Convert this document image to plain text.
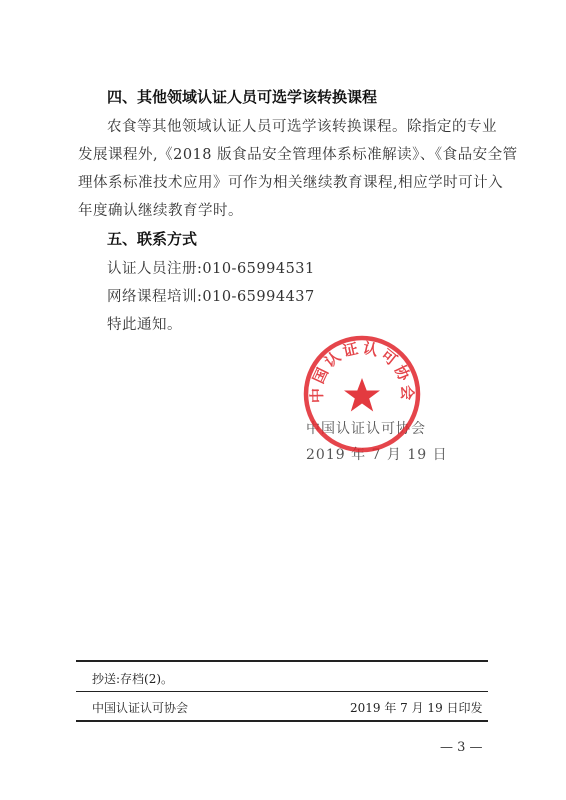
四、其他领域认证人员可选学该转换课程
农食等其他领域认证人员可选学该转换课程。除指定的专业
发展课程外,《2018 版食品安全管理体系标准解读》、《食品安全管
理体系标准技术应用》可作为相关继续教育课程,相应学时可计入
年度确认继续教育学时。
五、联系方式
认证人员注册:010-65994531
网络课程培训:010-65994437
特此通知。
中国认证认可协会
2019 年 7 月 19 日
中国认证认可协会
抄送:存档(2)。
中国认证认可协会	2019 年 7 月 19 日印发
— 3 —
